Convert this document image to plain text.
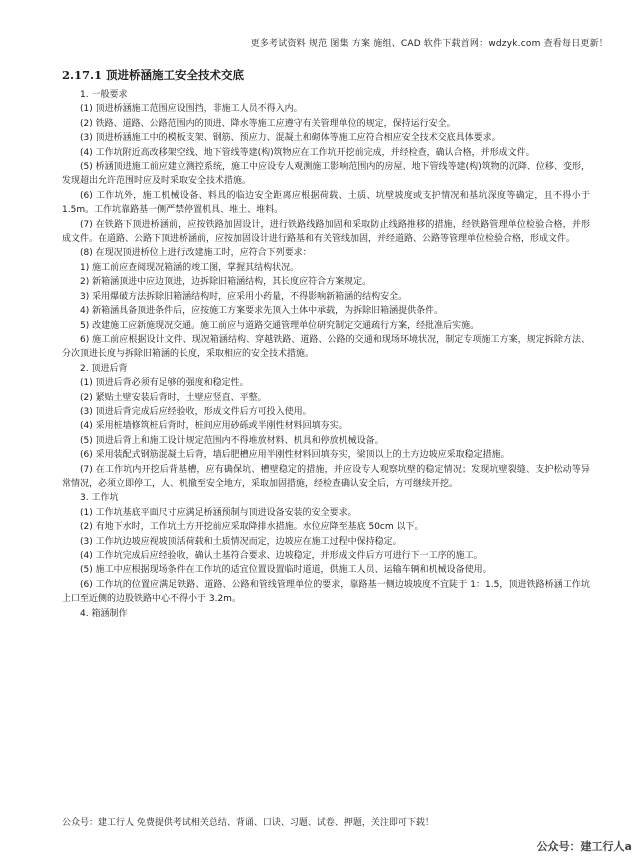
更多考试资料 规范 图集 方案 施组、CAD 软件下载首网：wdzyk.com 查看每日更新！
2.17.1 顶进桥涵施工安全技术交底

1. 一般要求

(1) 顶进桥涵施工范围应设围挡，非施工人员不得入内。

(2) 铁路、道路、公路范围内的顶进、降水等施工应遵守有关管理单位的规定，保持运行安全。

(3) 顶进桥涵施工中的模板支架、钢筋、预应力、混凝土和砌体等施工应符合相应安全技术交底具体要求。

(4) 工作坑附近高改移架空线、地下管线等建(构)筑物应在工作坑开挖前完成，并经检查，确认合格，并形成文件。

(5) 桥涵顶进施工前应建立测控系统，施工中应设专人观测施工影响范围内的房屋、地下管线等建(构)筑物的沉降、位移、变形，发现超出允许范围时应及时采取安全技术措施。

(6) 工作坑外，施工机械设备、料具的临边安全距离应根据荷载、土质、坑壁坡度或支护情况和基坑深度等确定，且不得小于 1.5m。工作坑靠路基一侧严禁停置机具、堆土、堆料。

(7) 在铁路下顶进桥涵前，应按铁路加固设计，进行铁路线路加固和采取防止线路推移的措施，经铁路管理单位检验合格，并形成文件。在道路、公路下顶进桥涵前，应按加固设计进行路基和有关管线加固，并经道路、公路等管理单位检验合格，形成文件。

(8) 在现况顶进桥位上进行改建施工时，应符合下列要求：

1) 施工前应查阅现况箱涵的竣工图，掌握其结构状况。

2) 新箱涵顶进中应边顶进，边拆除旧箱涵结构，其长度应符合方案规定。

3) 采用爆破方法拆除旧箱涵结构时，应采用小药量，不得影响新箱涵的结构安全。

4) 新箱涵具备顶进条件后，应按施工方案要求先顶入土体中承载，为拆除旧箱涵提供条件。

5) 改建施工应新施现况交通。施工前应与道路交通管理单位研究制定交通疏行方案，经批准后实施。

6) 施工前应根据设计文件、现况箱涵结构、穿越铁路、道路、公路的交通和现场环境状况，制定专项施工方案，规定拆除方法、分次顶进长度与拆除旧箱涵的长度，采取相应的安全技术措施。

2. 顶进后背

(1) 顶进后背必须有足够的强度和稳定性。

(2) 紧贴土壁安装后背时，土壁应竖直、平整。

(3) 顶进后背完成后应经验收，形成文件后方可投入使用。

(4) 采用桩墙修筑桩后背时，桩间应用砂砾或半刚性材料回填夯实。

(5) 顶进后背上和施工设计规定范围内不得堆放材料、机具和停放机械设备。

(6) 采用装配式钢筋混凝土后背，墙后肥槽应用半刚性材料回填夯实，梁顶以上的土方边坡应采取稳定措施。

(7) 在工作坑内开挖后背基槽，应有确保坑、槽壁稳定的措施，并应设专人观察坑壁的稳定情况；发现坑壁裂缝、支护松动等异常情况，必须立即停工，人、机撤至安全地方，采取加固措施，经检查确认安全后，方可继续开挖。

3. 工作坑

(1) 工作坑基底平面尺寸应满足桥涵预制与顶进设备安装的安全要求。

(2) 有地下水时，工作坑土方开挖前应采取降排水措施。水位应降至基底 50cm 以下。

(3) 工作坑边坡应视坡顶活荷载和土质情况而定，边坡应在施工过程中保持稳定。

(4) 工作坑完成后应经验收，确认土基符合要求、边坡稳定，并形成文件后方可进行下一工序的施工。

(5) 施工中应根据现场条件在工作坑的适宜位置设置临时道道，供施工人员、运输车辆和机械设备使用。

(6) 工作坑的位置应满足铁路、道路、公路和管线管理单位的要求，靠路基一侧边坡坡度不宜陡于 1：1.5，顶进铁路桥涵工作坑上口至近侧的边股铁路中心不得小于 3.2m。

4. 箱涵制作

公众号：建工行人 免费提供考试相关总结、背诵、口诀、习题、试卷、押题，关注即可下载！
公众号：建工行人a
